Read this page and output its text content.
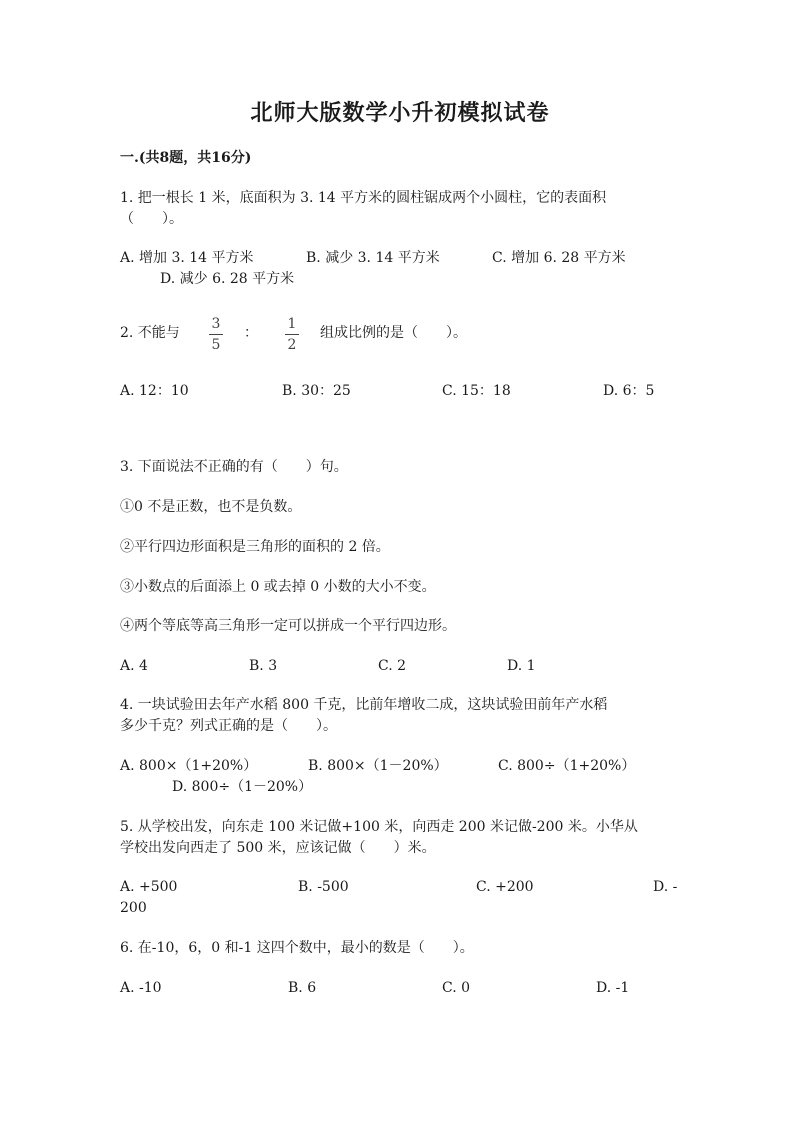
北师大版数学小升初模拟试卷
一.(共8题，共16分)
1. 把一根长 1 米，底面积为 3. 14 平方米的圆柱锯成两个小圆柱，它的表面积
（　　）。
A. 增加 3. 14 平方米	B. 减少 3. 14 平方米	C. 增加 6. 28 平方米
D. 减少 6. 28 平方米
2. 不能与
3
5
：
1
2
组成比例的是（　　）。
A. 12：10	B. 30：25	C. 15：18	D. 6：5
3. 下面说法不正确的有（　　）句。
①0 不是正数，也不是负数。
②平行四边形面积是三角形的面积的 2 倍。
③小数点的后面添上 0 或去掉 0 小数的大小不变。
④两个等底等高三角形一定可以拼成一个平行四边形。
A. 4	B. 3	C. 2	D. 1
4. 一块试验田去年产水稻 800 千克，比前年增收二成，这块试验田前年产水稻
多少千克？列式正确的是（　　）。
A. 800×（1+20%）	B. 800×（1－20%）	C. 800÷（1+20%）
D. 800÷（1－20%）
5. 从学校出发，向东走 100 米记做+100 米，向西走 200 米记做-200 米。小华从
学校出发向西走了 500 米，应该记做（　　）米。
A. +500	B. -500	C. +200	D. -
200
6. 在-10，6，0 和-1 这四个数中，最小的数是（　　）。
A. -10	B. 6	C. 0	D. -1
